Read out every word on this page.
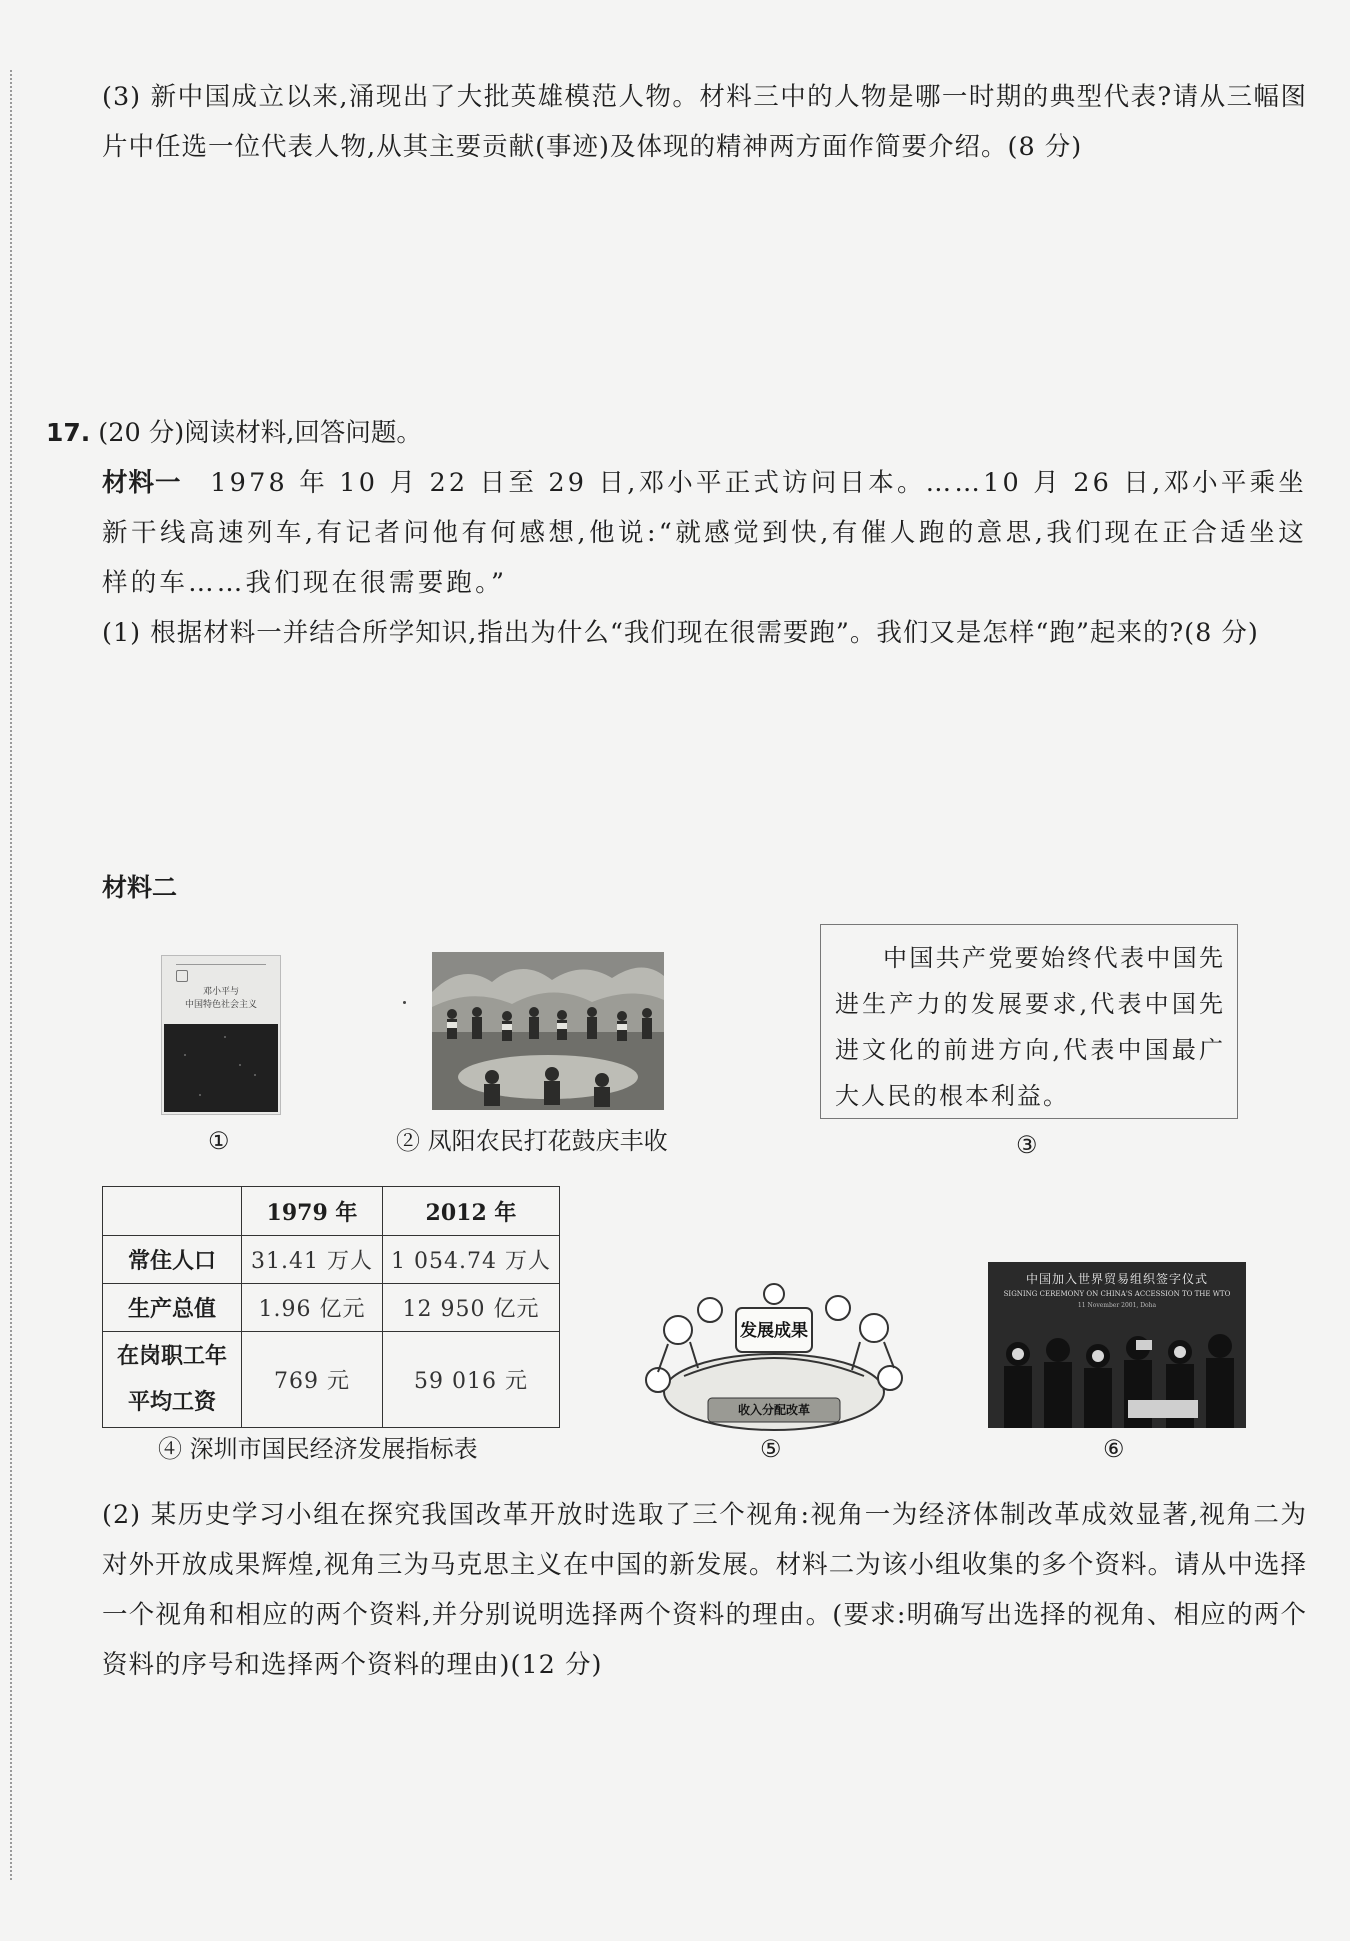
(3) 新中国成立以来,涌现出了大批英雄模范人物。材料三中的人物是哪一时期的典型代表?请从三幅图片中任选一位代表人物,从其主要贡献(事迹)及体现的精神两方面作简要介绍。(8 分)

17. (20 分)阅读材料,回答问题。

材料一　 1978 年 10 月 22 日至 29 日,邓小平正式访问日本。……10 月 26 日,邓小平乘坐新干线高速列车,有记者问他有何感想,他说:“就感觉到快,有催人跑的意思,我们现在正合适坐这样的车……我们现在很需要跑。”

(1) 根据材料一并结合所学知识,指出为什么“我们现在很需要跑”。我们又是怎样“跑”起来的?(8 分)

材料二
邓小平与
中国特色社会主义
①	② 凤阳农民打花鼓庆丰收

中国共产党要始终代表中国先进生产力的发展要求,代表中国先进文化的前进方向,代表中国最广大人民的根本利益。

③
	1979 年	2012 年
常住人口	31.41 万人	1 054.74 万人
生产总值	1.96 亿元	12 950 亿元
在岗职工年平均工资	769 元	59 016 元
④ 深圳市国民经济发展指标表
发展成果
收入分配改革
⑤
中国加入世界贸易组织签字仪式
SIGNING CEREMONY ON CHINA'S ACCESSION TO THE WTO
11 November 2001, Doha
⑥

(2) 某历史学习小组在探究我国改革开放时选取了三个视角:视角一为经济体制改革成效显著,视角二为对外开放成果辉煌,视角三为马克思主义在中国的新发展。材料二为该小组收集的多个资料。请从中选择一个视角和相应的两个资料,并分别说明选择两个资料的理由。(要求:明确写出选择的视角、相应的两个资料的序号和选择两个资料的理由)(12 分)
